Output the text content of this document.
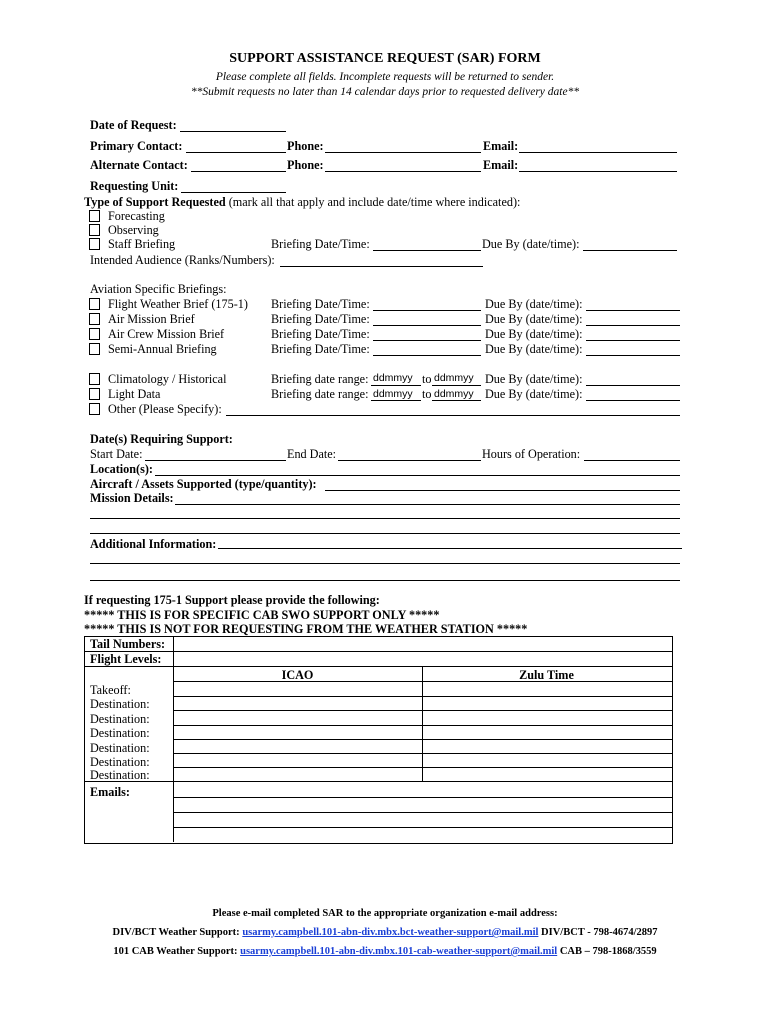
SUPPORT ASSISTANCE REQUEST (SAR) FORM
Please complete all fields. Incomplete requests will be returned to sender.
**Submit requests no later than 14 calendar days prior to requested delivery date**
Date of Request:
Primary Contact:	Phone:	Email:
Alternate Contact:	Phone:	Email:
Requesting Unit:
Type of Support Requested (mark all that apply and include date/time where indicated):
Forecasting
Observing
Staff Briefing	Briefing Date/Time:	Due By (date/time):
Intended Audience (Ranks/Numbers):
Aviation Specific Briefings:
Flight Weather Brief (175-1) Briefing Date/Time:	Due By (date/time):
Air Mission Brief	Briefing Date/Time:	Due By (date/time):
Air Crew Mission Brief	Briefing Date/Time:	Due By (date/time):
Semi-Annual Briefing	Briefing Date/Time:	Due By (date/time):
Climatology / Historical	Briefing date range: ddmmyy to ddmmyy Due By (date/time):
Light Data	Briefing date range: ddmmyy to ddmmyy Due By (date/time):
Other (Please Specify):
Date(s) Requiring Support:
Start Date:	End Date:	Hours of Operation:
Location(s):
Aircraft / Assets Supported (type/quantity):
Mission Details:
Additional Information:
If requesting 175-1 Support please provide the following:
***** THIS IS FOR SPECIFIC CAB SWO SUPPORT ONLY *****
***** THIS IS NOT FOR REQUESTING FROM THE WEATHER STATION *****
Tail Numbers:
Flight Levels:
ICAO	Zulu Time
Takeoff:
Destination:
Destination:
Destination:
Destination:
Destination:
Destination:
Emails:
Please e-mail completed SAR to the appropriate organization e-mail address:
DIV/BCT Weather Support: usarmy.campbell.101-abn-div.mbx.bct-weather-support@mail.mil DIV/BCT - 798-4674/2897
101 CAB Weather Support: usarmy.campbell.101-abn-div.mbx.101-cab-weather-support@mail.mil CAB – 798-1868/3559
